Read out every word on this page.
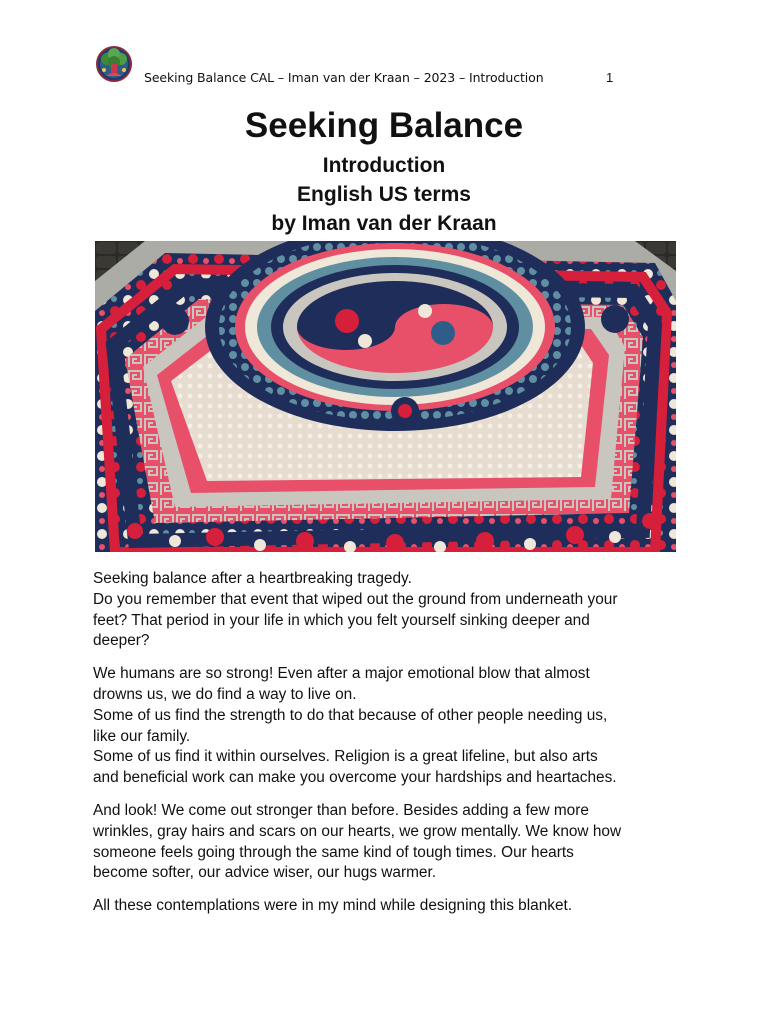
Seeking Balance CAL – Iman van der Kraan – 2023 – Introduction	1
Seeking Balance
Introduction
English US terms
by Iman van der Kraan

Seeking balance after a heartbreaking tragedy.
Do you remember that event that wiped out the ground from underneath your
feet? That period in your life in which you felt yourself sinking deeper and
deeper?

We humans are so strong! Even after a major emotional blow that almost
drowns us, we do find a way to live on.
Some of us find the strength to do that because of other people needing us,
like our family.
Some of us find it within ourselves. Religion is a great lifeline, but also arts
and beneficial work can make you overcome your hardships and heartaches.

And look! We come out stronger than before. Besides adding a few more
wrinkles, gray hairs and scars on our hearts, we grow mentally. We know how
someone feels going through the same kind of tough times. Our hearts
become softer, our advice wiser, our hugs warmer.

All these contemplations were in my mind while designing this blanket.
